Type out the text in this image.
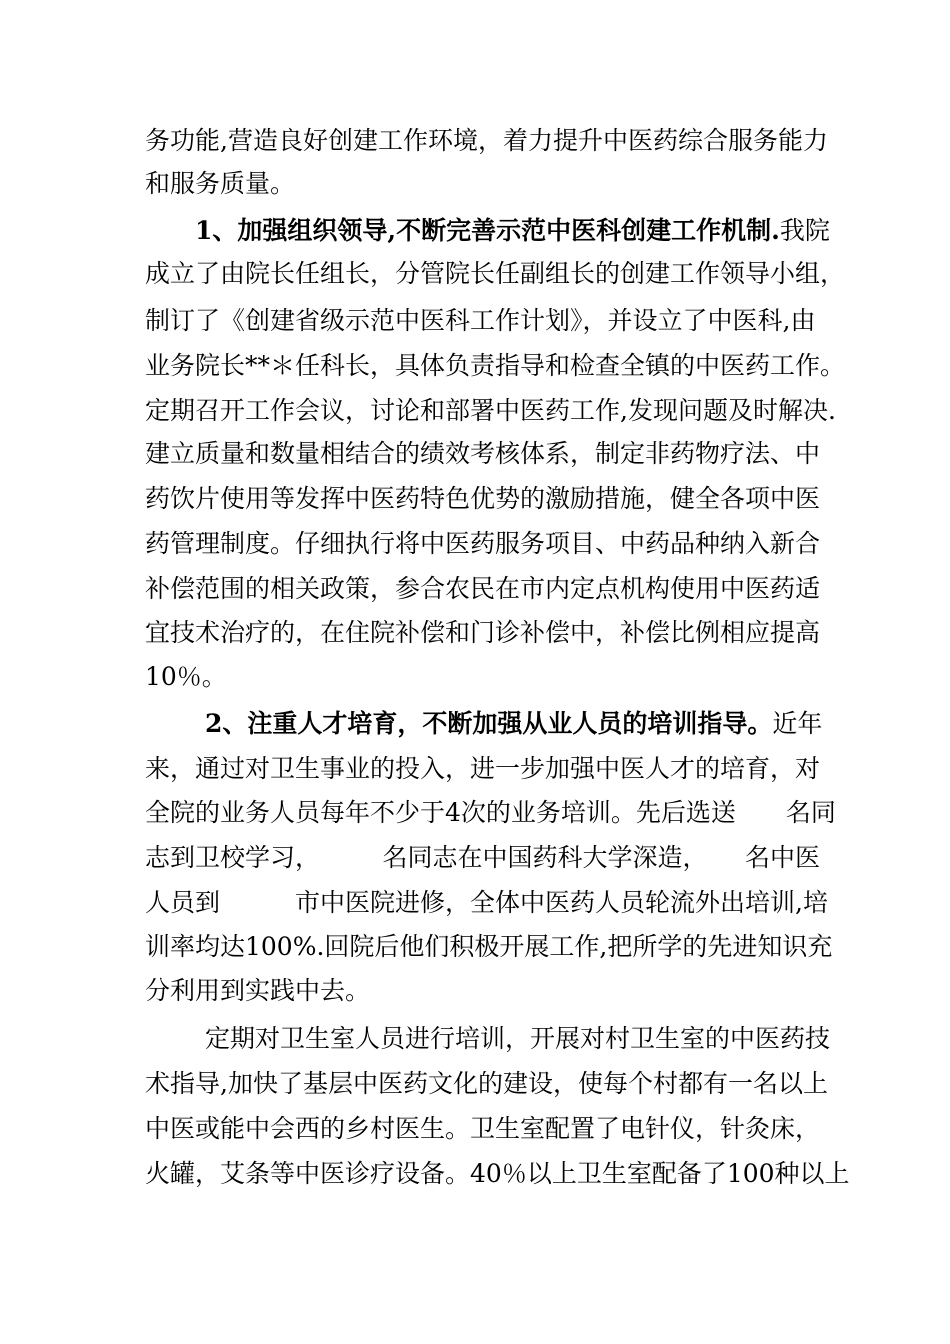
务功能,营造良好创建工作环境，着力提升中医药综合服务能力
和服务质量。
1、加强组织领导,不断完善示范中医科创建工作机制.我院
成立了由院长任组长，分管院长任副组长的创建工作领导小组，
制订了《创建省级示范中医科工作计划》，并设立了中医科,由
业务院长**＊任科长，具体负责指导和检查全镇的中医药工作。
定期召开工作会议，讨论和部署中医药工作,发现问题及时解决.
建立质量和数量相结合的绩效考核体系，制定非药物疗法、中
药饮片使用等发挥中医药特色优势的激励措施，健全各项中医
药管理制度。仔细执行将中医药服务项目、中药品种纳入新合
补偿范围的相关政策，参合农民在市内定点机构使用中医药适
宜技术治疗的，在住院补偿和门诊补偿中，补偿比例相应提高
10％。
2、注重人才培育，不断加强从业人员的培训指导。近年
来，通过对卫生事业的投入，进一步加强中医人才的培育，对
全院的业务人员每年不少于4次的业务培训。先后选送　　名同
志到卫校学习，　　　名同志在中国药科大学深造，　　名中医
人员到　　　市中医院进修，全体中医药人员轮流外出培训,培
训率均达100%.回院后他们积极开展工作,把所学的先进知识充
分利用到实践中去。
定期对卫生室人员进行培训，开展对村卫生室的中医药技
术指导,加快了基层中医药文化的建设，使每个村都有一名以上
中医或能中会西的乡村医生。卫生室配置了电针仪，针灸床，
火罐，艾条等中医诊疗设备。40％以上卫生室配备了100种以上
